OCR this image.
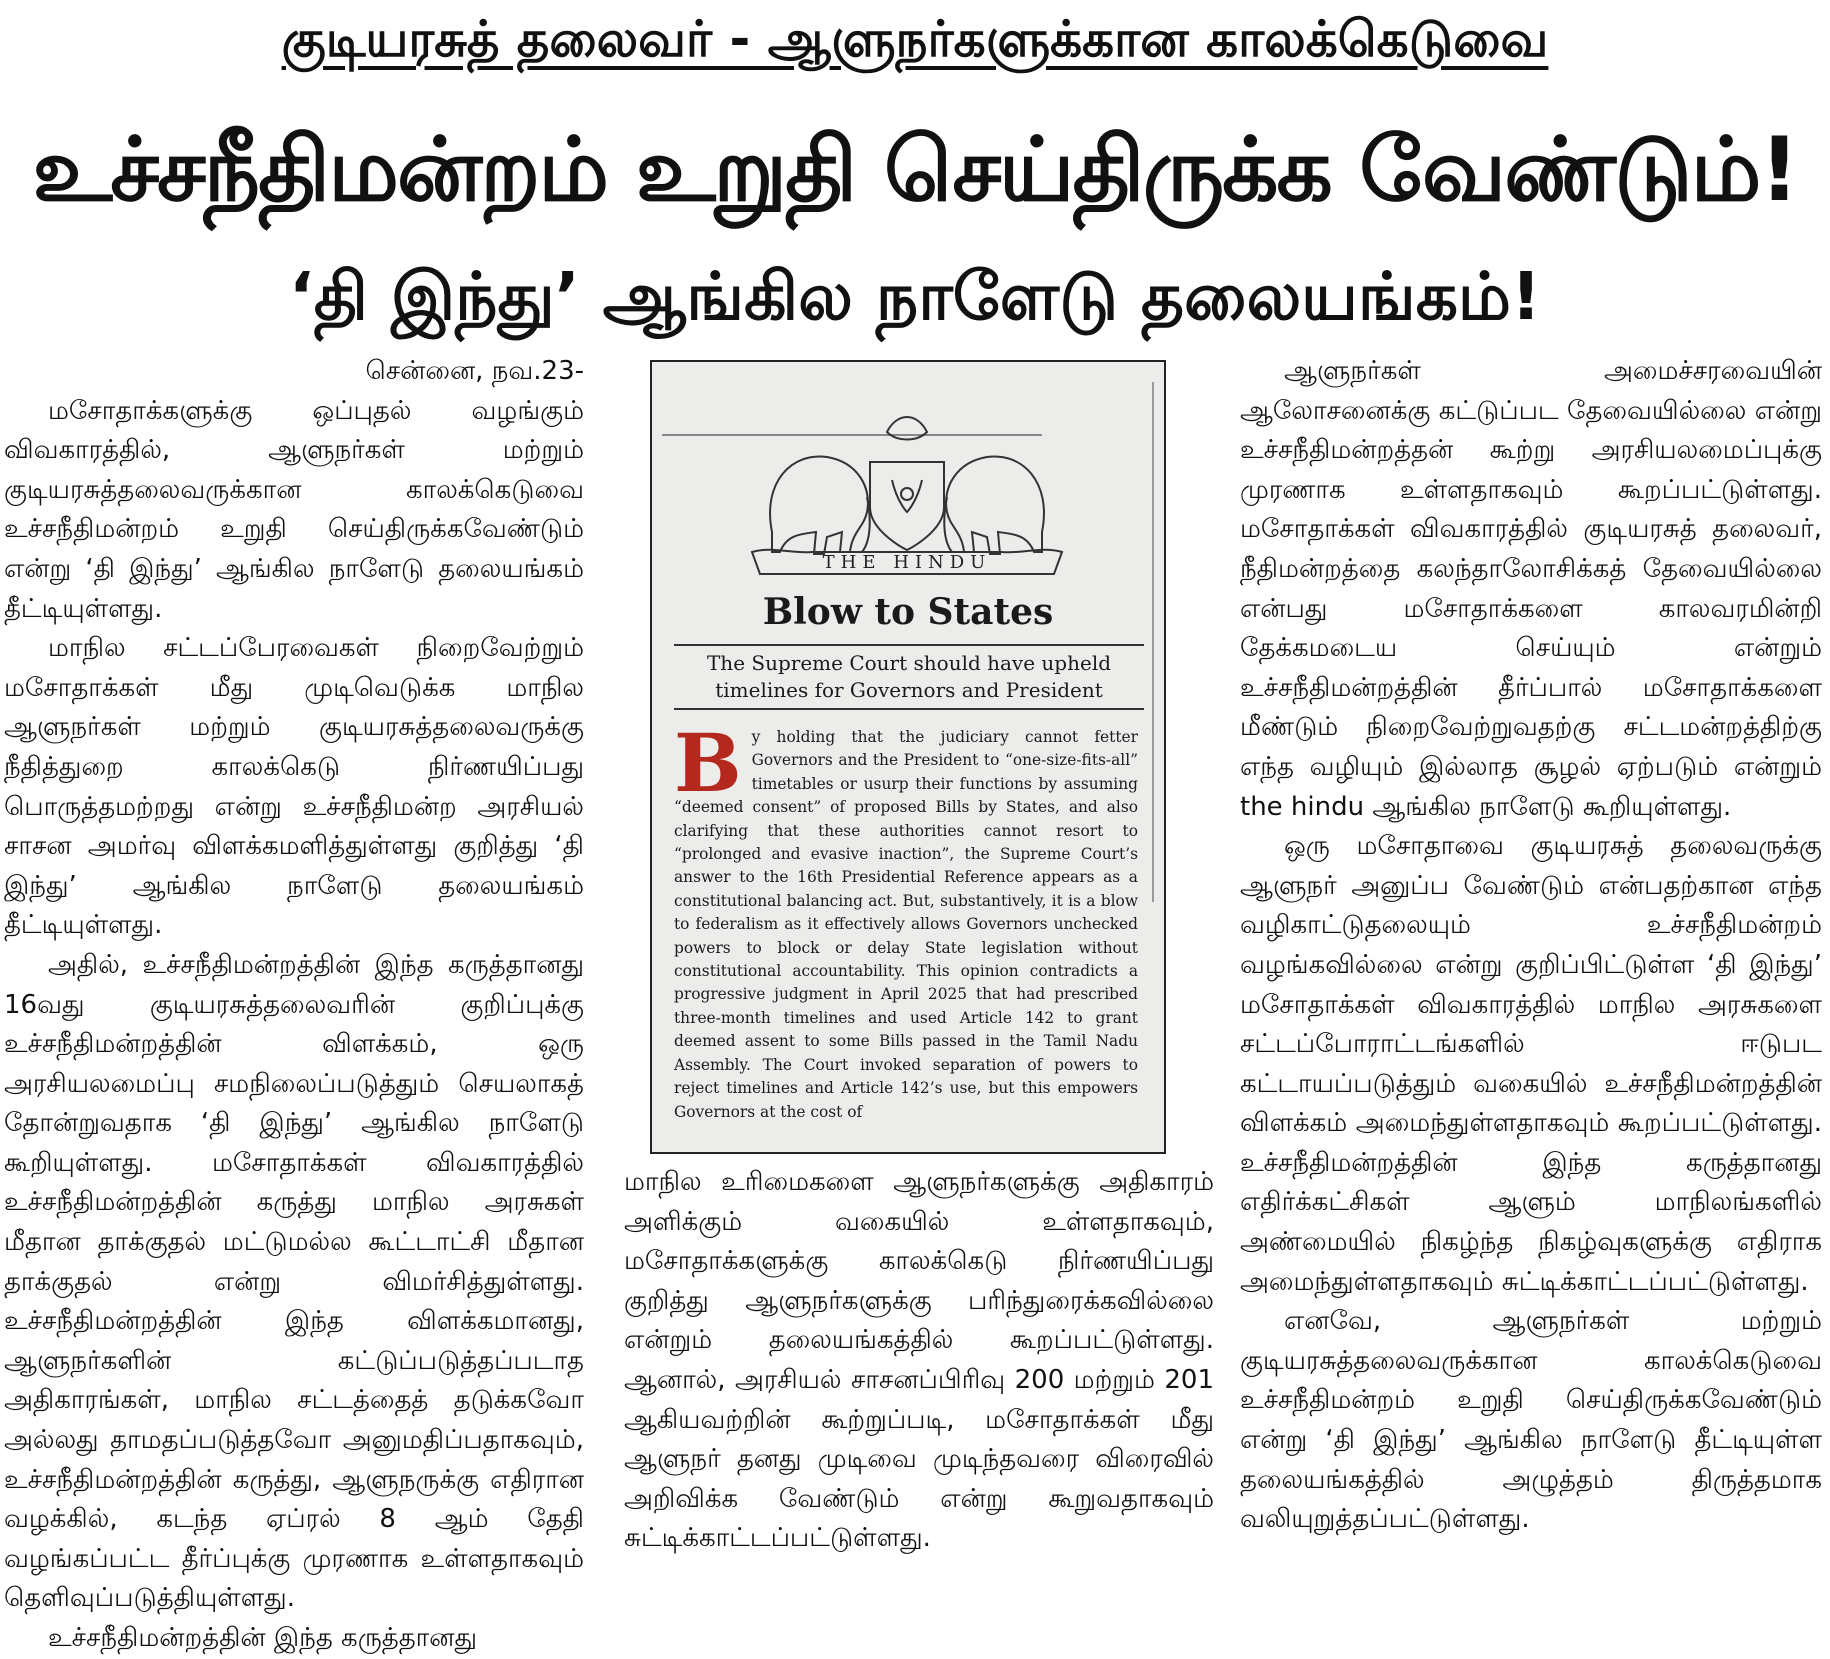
குடியரசுத் தலைவர் - ஆளுநர்களுக்கான காலக்கெடுவை
உச்சநீதிமன்றம் உறுதி செய்திருக்க வேண்டும்!
‘தி இந்து’ ஆங்கில நாளேடு தலையங்கம்!

சென்னை, நவ.23-

மசோதாக்களுக்கு ஒப்புதல் வழங்கும் விவகாரத்தில், ஆளுநர்கள் மற்றும் குடியரசுத்தலைவருக்கான காலக்கெடுவை உச்சநீதிமன்றம் உறுதி செய்திருக்கவேண்டும் என்று ‘தி இந்து’ ஆங்கில நாளேடு தலையங்கம் தீட்டியுள்ளது.

மாநில சட்டப்பேரவைகள் நிறைவேற்றும் மசோதாக்கள் மீது முடிவெடுக்க மாநில ஆளுநர்கள் மற்றும் குடியரசுத்தலைவருக்கு நீதித்துறை காலக்கெடு நிர்ணயிப்பது பொருத்தமற்றது என்று உச்சநீதிமன்ற அரசியல் சாசன அமர்வு விளக்கமளித்துள்ளது குறித்து ‘தி இந்து’ ஆங்கில நாளேடு தலையங்கம் தீட்டியுள்ளது.

அதில், உச்சநீதிமன்றத்தின் இந்த கருத்தானது 16வது குடியரசுத்தலைவரின் குறிப்புக்கு உச்சநீதிமன்றத்தின் விளக்கம், ஒரு அரசியலமைப்பு சமநிலைப்படுத்தும் செயலாகத் தோன்றுவதாக ‘தி இந்து’ ஆங்கில நாளேடு கூறியுள்ளது. மசோதாக்கள் விவகாரத்தில் உச்சநீதிமன்றத்தின் கருத்து மாநில அரசுகள் மீதான தாக்குதல் மட்டுமல்ல கூட்டாட்சி மீதான தாக்குதல் என்று விமர்சித்துள்ளது. உச்சநீதிமன்றத்தின் இந்த விளக்கமானது, ஆளுநர்களின் கட்டுப்படுத்தப்படாத அதிகாரங்கள், மாநில சட்டத்தைத் தடுக்கவோ அல்லது தாமதப்படுத்தவோ அனுமதிப்பதாகவும், உச்சநீதிமன்றத்தின் கருத்து, ஆளுநருக்கு எதிரான வழக்கில், கடந்த ஏப்ரல் 8 ஆம் தேதி வழங்கப்பட்ட தீர்ப்புக்கு முரணாக உள்ளதாகவும் தெளிவுப்படுத்தியுள்ளது.

உச்சநீதிமன்றத்தின் இந்த கருத்தானது

THE HINDU
Blow to States
The Supreme Court should have upheld timelines for Governors and President
B y holding that the judiciary cannot fetter Governors and the President to “one-size-fits-all” timetables or usurp their functions by assuming “deemed consent” of proposed Bills by States, and also clarifying that these authorities cannot resort to “prolonged and evasive inaction”, the Supreme Court’s answer to the 16th Presidential Reference appears as a constitutional balancing act. But, substantively, it is a blow to federalism as it effectively allows Governors unchecked powers to block or delay State legislation without constitutional accountability. This opinion contradicts a progressive judgment in April 2025 that had prescribed three-month timelines and used Article 142 to grant deemed assent to some Bills passed in the Tamil Nadu Assembly. The Court invoked separation of powers to reject timelines and Article 142’s use, but this empowers Governors at the cost of

மாநில உரிமைகளை ஆளுநர்களுக்கு அதிகாரம் அளிக்கும் வகையில் உள்ளதாகவும், மசோதாக்களுக்கு காலக்கெடு நிர்ணயிப்பது குறித்து ஆளுநர்களுக்கு பரிந்துரைக்கவில்லை என்றும் தலையங்கத்தில் கூறப்பட்டுள்ளது. ஆனால், அரசியல் சாசனப்பிரிவு 200 மற்றும் 201 ஆகியவற்றின் கூற்றுப்படி, மசோதாக்கள் மீது ஆளுநர் தனது முடிவை முடிந்தவரை விரைவில் அறிவிக்க வேண்டும் என்று கூறுவதாகவும் சுட்டிக்காட்டப்பட்டுள்ளது.

ஆளுநர்கள் அமைச்சரவையின் ஆலோசனைக்கு கட்டுப்பட தேவையில்லை என்று உச்சநீதிமன்றத்தன் கூற்று அரசியலமைப்புக்கு முரணாக உள்ளதாகவும் கூறப்பட்டுள்ளது. மசோதாக்கள் விவகாரத்தில் குடியரசுத் தலைவர், நீதிமன்றத்தை கலந்தாலோசிக்கத் தேவையில்லை என்பது மசோதாக்களை காலவரமின்றி தேக்கமடைய செய்யும் என்றும் உச்சநீதிமன்றத்தின் தீர்ப்பால் மசோதாக்களை மீண்டும் நிறைவேற்றுவதற்கு சட்டமன்றத்திற்கு எந்த வழியும் இல்லாத சூழல் ஏற்படும் என்றும் the hindu ஆங்கில நாளேடு கூறியுள்ளது.

ஒரு மசோதாவை குடியரசுத் தலைவருக்கு ஆளுநர் அனுப்ப வேண்டும் என்பதற்கான எந்த வழிகாட்டுதலையும் உச்சநீதிமன்றம் வழங்கவில்லை என்று குறிப்பிட்டுள்ள ‘தி இந்து’ மசோதாக்கள் விவகாரத்தில் மாநில அரசுகளை சட்டப்போராட்டங்களில் ஈடுபட கட்டாயப்படுத்தும் வகையில் உச்சநீதிமன்றத்தின் விளக்கம் அமைந்துள்ளதாகவும் கூறப்பட்டுள்ளது. உச்சநீதிமன்றத்தின் இந்த கருத்தானது எதிர்க்கட்சிகள் ஆளும் மாநிலங்களில் அண்மையில் நிகழ்ந்த நிகழ்வுகளுக்கு எதிராக அமைந்துள்ளதாகவும் சுட்டிக்காட்டப்பட்டுள்ளது.

எனவே, ஆளுநர்கள் மற்றும் குடியரசுத்தலைவருக்கான காலக்கெடுவை உச்சநீதிமன்றம் உறுதி செய்திருக்கவேண்டும் என்று ‘தி இந்து’ ஆங்கில நாளேடு தீட்டியுள்ள தலையங்கத்தில் அழுத்தம் திருத்தமாக வலியுறுத்தப்பட்டுள்ளது.
